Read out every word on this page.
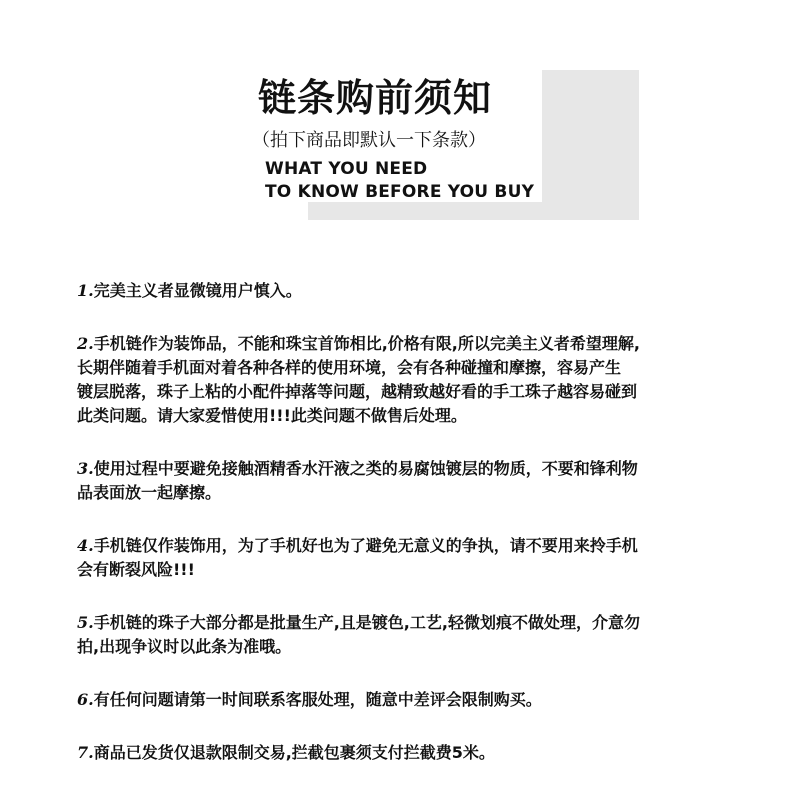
链条购前须知
（拍下商品即默认一下条款）
WHAT YOU NEED
TO KNOW BEFORE YOU BUY
1.完美主义者显微镜用户慎入。
2.手机链作为装饰品，不能和珠宝首饰相比,价格有限,所以完美主义者希望理解,
长期伴随着手机面对着各种各样的使用环境，会有各种碰撞和摩擦，容易产生
镀层脱落，珠子上粘的小配件掉落等问题，越精致越好看的手工珠子越容易碰到
此类问题。请大家爱惜使用!!!此类问题不做售后处理。
3.使用过程中要避免接触酒精香水汗液之类的易腐蚀镀层的物质，不要和锋利物
品表面放一起摩擦。
4.手机链仅作装饰用，为了手机好也为了避免无意义的争执，请不要用来拎手机
会有断裂风险!!!
5.手机链的珠子大部分都是批量生产,且是镀色,工艺,轻微划痕不做处理，介意勿
拍,出现争议时以此条为准哦。
6.有任何问题请第一时间联系客服处理，随意中差评会限制购买。
7.商品已发货仅退款限制交易,拦截包裹须支付拦截费5米。
